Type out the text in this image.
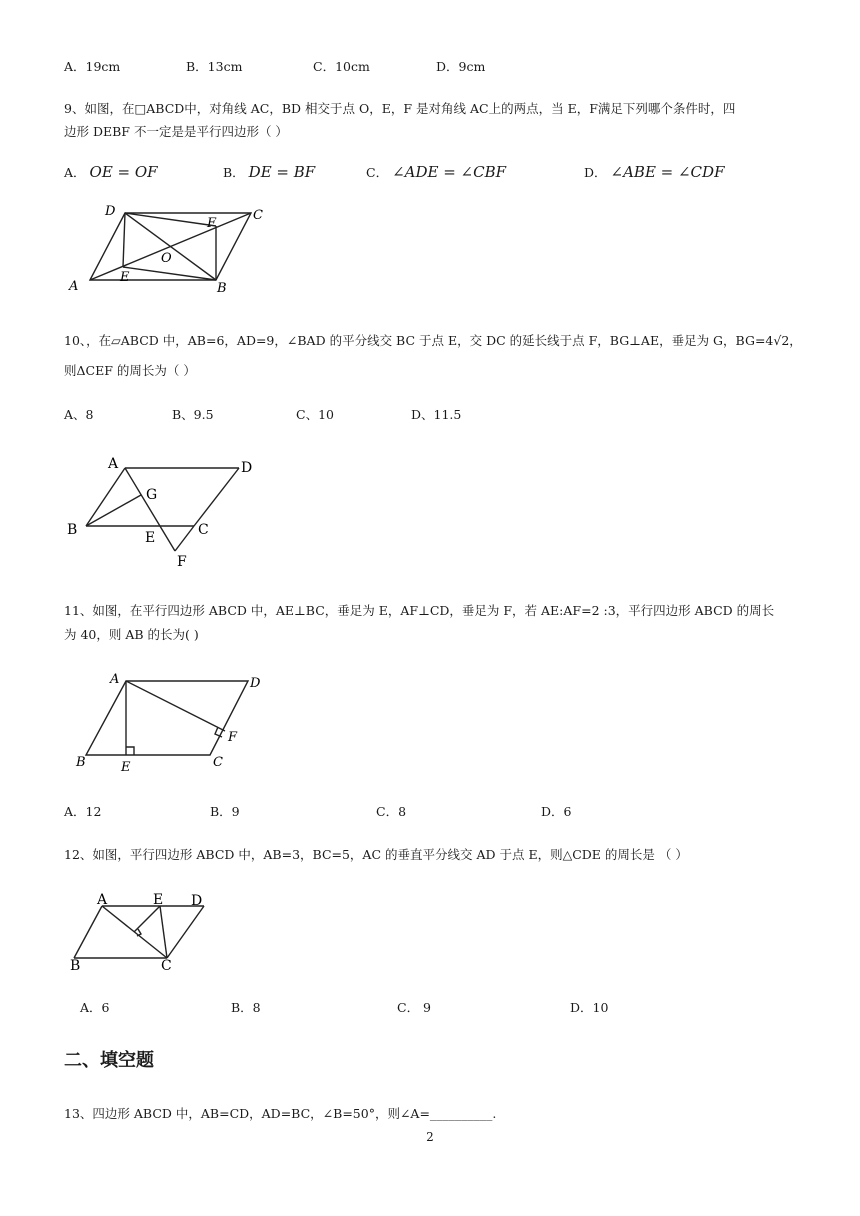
A．19cm	B．13cm	C．10cm	D．9cm
9、如图，在□ABCD中，对角线 AC，BD 相交于点 O，E，F 是对角线 AC上的两点，当 E，F满足下列哪个条件时，四
边形 DEBF 不一定是是平行四边形（ ）
A． OE = OF	B． DE = BF	C． ∠ADE = ∠CBF	D． ∠ABE = ∠CDF
D	C
F
O
E
A	B
10、，在▱ABCD 中，AB=6，AD=9，∠BAD 的平分线交 BC 于点 E，交 DC 的延长线于点 F，BG⊥AE，垂足为 G，BG=4√2，
则ΔCEF 的周长为（ ）
A、8	B、9.5	C、10	D、11.5
A	D
G
B	E	C
F
11、如图，在平行四边形 ABCD 中，AE⊥BC，垂足为 E，AF⊥CD，垂足为 F，若 AE:AF=2 :3，平行四边形 ABCD 的周长
为 40，则 AB 的长为( )
A	D
F
B	E	C
A．12	B．9	C．8	D．6
12、如图，平行四边形 ABCD 中，AB=3，BC=5，AC 的垂直平分线交 AD 于点 E，则△CDE 的周长是 （ ）
A	E D
B	C
A．6	B．8	C． 9	D．10
二、填空题
13、四边形 ABCD 中，AB=CD，AD=BC，∠B=50°，则∠A=__________.
2
